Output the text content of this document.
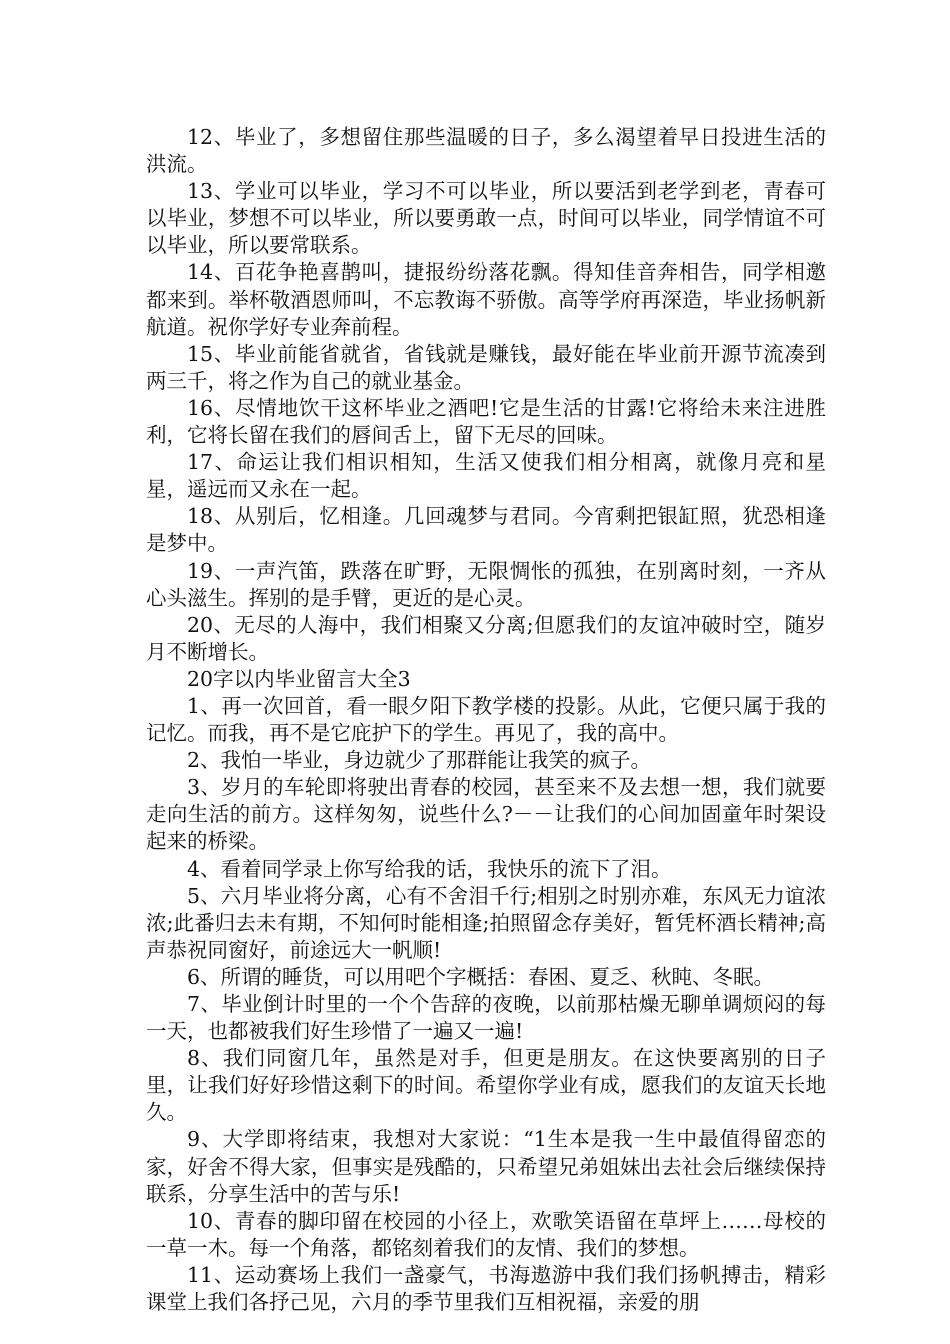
12、毕业了，多想留住那些温暖的日子，多么渴望着早日投进生活的洪流。

13、学业可以毕业，学习不可以毕业，所以要活到老学到老，青春可以毕业，梦想不可以毕业，所以要勇敢一点，时间可以毕业，同学情谊不可以毕业，所以要常联系。

14、百花争艳喜鹊叫，捷报纷纷落花飘。得知佳音奔相告，同学相邀都来到。举杯敬酒恩师叫，不忘教诲不骄傲。高等学府再深造，毕业扬帆新航道。祝你学好专业奔前程。

15、毕业前能省就省，省钱就是赚钱，最好能在毕业前开源节流凑到两三千，将之作为自己的就业基金。

16、尽情地饮干这杯毕业之酒吧!它是生活的甘露!它将给未来注进胜利，它将长留在我们的唇间舌上，留下无尽的回味。

17、命运让我们相识相知，生活又使我们相分相离，就像月亮和星星，遥远而又永在一起。

18、从别后，忆相逢。几回魂梦与君同。今宵剩把银缸照，犹恐相逢是梦中。

19、一声汽笛，跌落在旷野，无限惆怅的孤独，在别离时刻，一齐从心头滋生。挥别的是手臂，更近的是心灵。

20、无尽的人海中，我们相聚又分离;但愿我们的友谊冲破时空，随岁月不断增长。

20字以内毕业留言大全3

1、再一次回首，看一眼夕阳下教学楼的投影。从此，它便只属于我的记忆。而我，再不是它庇护下的学生。再见了，我的高中。

2、我怕一毕业，身边就少了那群能让我笑的疯子。

3、岁月的车轮即将驶出青春的校园，甚至来不及去想一想，我们就要走向生活的前方。这样匆匆，说些什么?－－让我们的心间加固童年时架设起来的桥梁。

4、看着同学录上你写给我的话，我快乐的流下了泪。

5、六月毕业将分离，心有不舍泪千行;相别之时别亦难，东风无力谊浓浓;此番归去未有期，不知何时能相逢;拍照留念存美好，暂凭杯酒长精神;高声恭祝同窗好，前途远大一帆顺!

6、所谓的睡货，可以用吧个字概括：春困、夏乏、秋盹、冬眠。

7、毕业倒计时里的一个个告辞的夜晚，以前那枯燥无聊单调烦闷的每一天，也都被我们好生珍惜了一遍又一遍!

8、我们同窗几年，虽然是对手，但更是朋友。在这快要离别的日子里，让我们好好珍惜这剩下的时间。希望你学业有成，愿我们的友谊天长地久。

9、大学即将结束，我想对大家说：“1生本是我一生中最值得留恋的家，好舍不得大家，但事实是残酷的，只希望兄弟姐妹出去社会后继续保持联系，分享生活中的苦与乐!

10、青春的脚印留在校园的小径上，欢歌笑语留在草坪上……母校的一草一木。每一个角落，都铭刻着我们的友情、我们的梦想。

11、运动赛场上我们一盏豪气，书海遨游中我们我们扬帆搏击，精彩课堂上我们各抒己见，六月的季节里我们互相祝福，亲爱的朋
